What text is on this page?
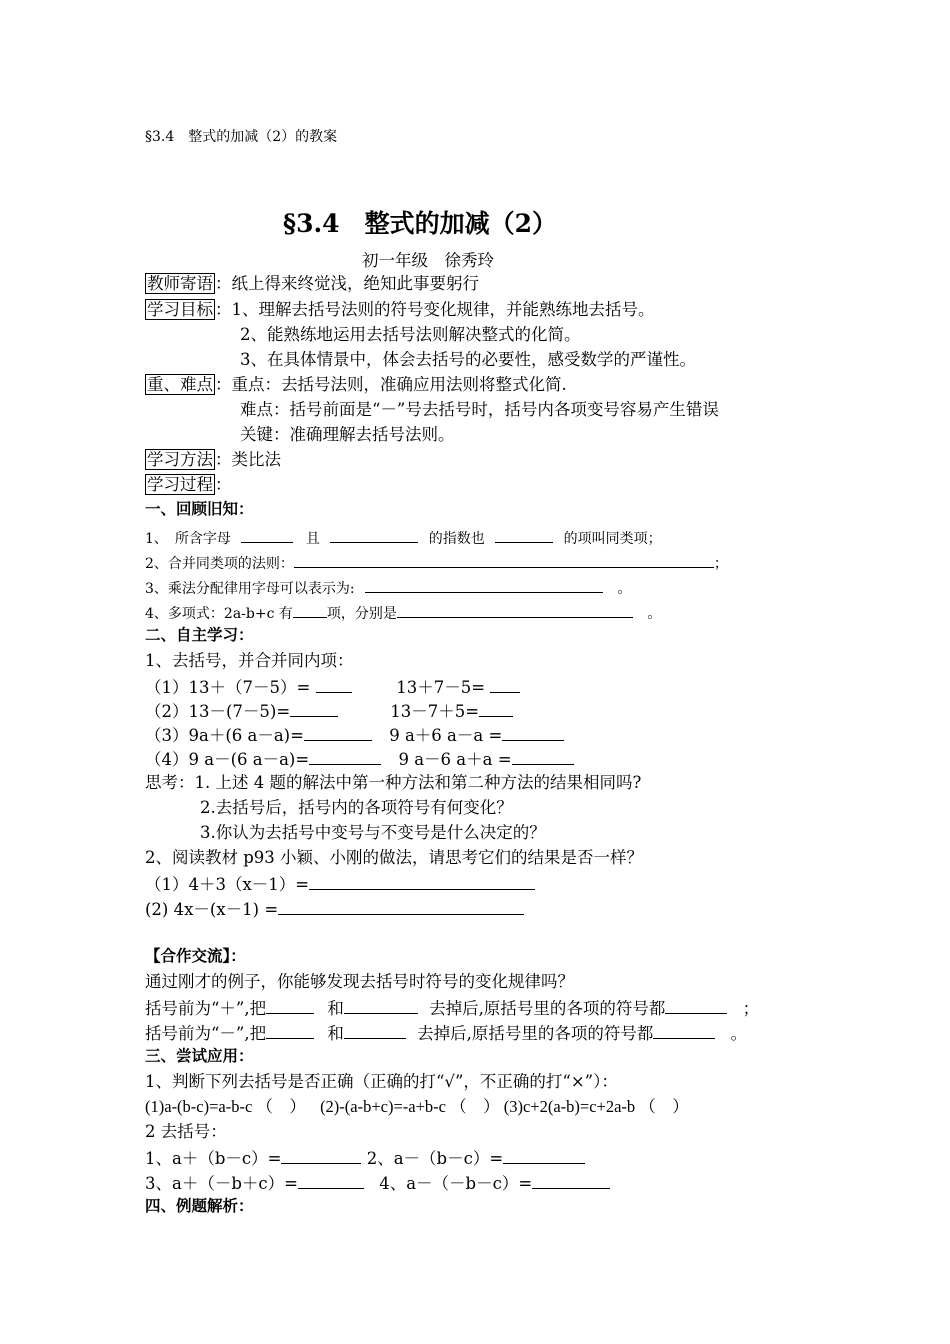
§3.4　整式的加减（2）的教案
§3.4　整式的加减（2）
初一年级　徐秀玲
教师寄语 ：纸上得来终觉浅，绝知此事要躬行
学习目标 ：1、理解去括号法则的符号变化规律，并能熟练地去括号。
2、能熟练地运用去括号法则解决整式的化简。
3、在具体情景中，体会去括号的必要性，感受数学的严谨性。
重、难点 ：重点：去括号法则，准确应用法则将整式化简.
难点：括号前面是“－”号去括号时，括号内各项变号容易产生错误
关键：准确理解去括号法则。
学习方法 ：类比法
学习过程 ：
一、回顾旧知：
1、　所含字母	且	的指数也	的项叫同类项；
2、合并同类项的法则：	；
3、乘法分配律用字母可以表示为:	。
4、多项式：2a-b+c 有 项，分别是	。
二、自主学习：
1、去括号，并合并同内项：
（1）13＋（7－5）=	13＋7－5=
（2）13－(7－5)=	13－7＋5=
（3）9a＋(6 a－a)=	9 a＋6 a－a =
（4）9 a－(6 a－a)=	9 a－6 a＋a =
思考：1. 上述 4 题的解法中第一种方法和第二种方法的结果相同吗?
2.去括号后，括号内的各项符号有何变化？
3.你认为去括号中变号与不变号是什么决定的？
2、阅读教材 p93 小颖、小刚的做法，请思考它们的结果是否一样？
（1）4＋3（x－1）=
(2) 4x－(x－1) =
【合作交流】：
通过刚才的例子，你能够发现去括号时符号的变化规律吗？
括号前为“＋”,把	和	去掉后,原括号里的各项的符号都	；
括号前为“－”,把	和	去掉后,原括号里的各项的符号都	。
三、尝试应用：
1、判断下列去括号是否正确（正确的打“√”，不正确的打“×”）：
(1)a-(b-c)=a-b-c （　） (2)-(a-b+c)=-a+b-c （　） (3)c+2(a-b)=c+2a-b （　）
2 去括号：
1、a＋（b－c）=	2、a－（b－c）=
3、a＋（－b＋c）=	4、a－（－b－c）=
四、例题解析：
